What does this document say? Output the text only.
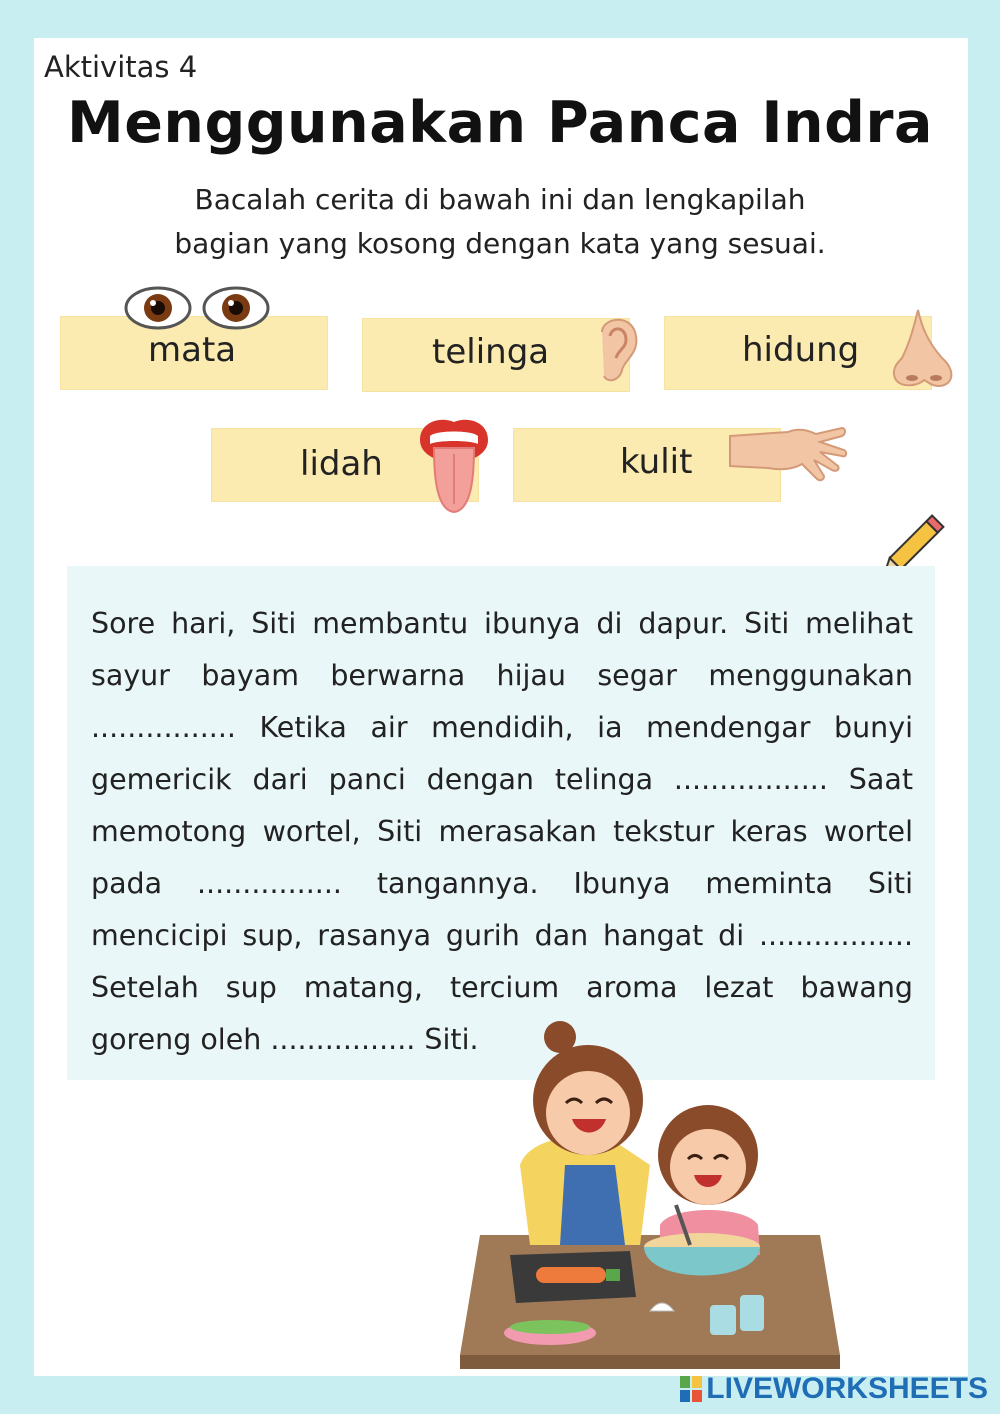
Aktivitas 4
Menggunakan Panca Indra
Bacalah cerita di bawah ini dan lengkapilah
bagian yang kosong dengan kata yang sesuai.
mata	telinga	hidung
lidah	kulit
Sore hari, Siti membantu ibunya di dapur. Siti melihat sayur bayam berwarna hijau segar menggunakan ................ Ketika air mendidih, ia mendengar bunyi gemericik dari panci dengan telinga ................. Saat memotong wortel, Siti merasakan tekstur keras wortel pada ................ tangannya. Ibunya meminta Siti mencicipi sup, rasanya gurih dan hangat di ................. Setelah sup matang, tercium aroma lezat bawang goreng oleh ................ Siti.
LIVEWORKSHEETS
